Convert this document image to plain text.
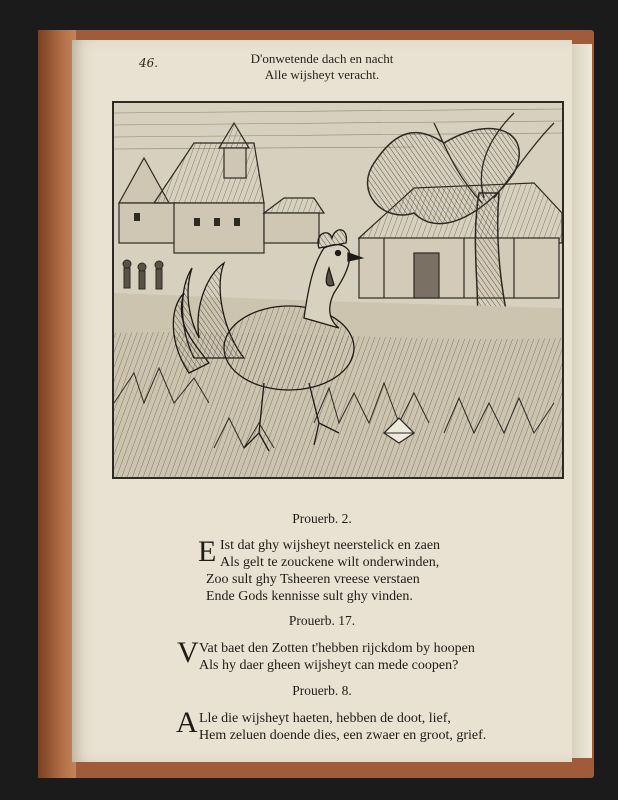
46.	D'onwetende dach en nacht
Alle wijsheyt veracht.
Prouerb. 2.
E Ist dat ghy wijsheyt neerstelick en zaen
Als gelt te zouckene wilt onderwinden,
Zoo sult ghy Tsheeren vreese verstaen
Ende Gods kennisse sult ghy vinden.
Prouerb. 17.
V Vat baet den Zotten t'hebben rijckdom by hoopen
Als hy daer gheen wijsheyt can mede coopen?
Prouerb. 8.
A Lle die wijsheyt haeten, hebben de doot, lief,
Hem zeluen doende dies, een zwaer en groot, grief.
